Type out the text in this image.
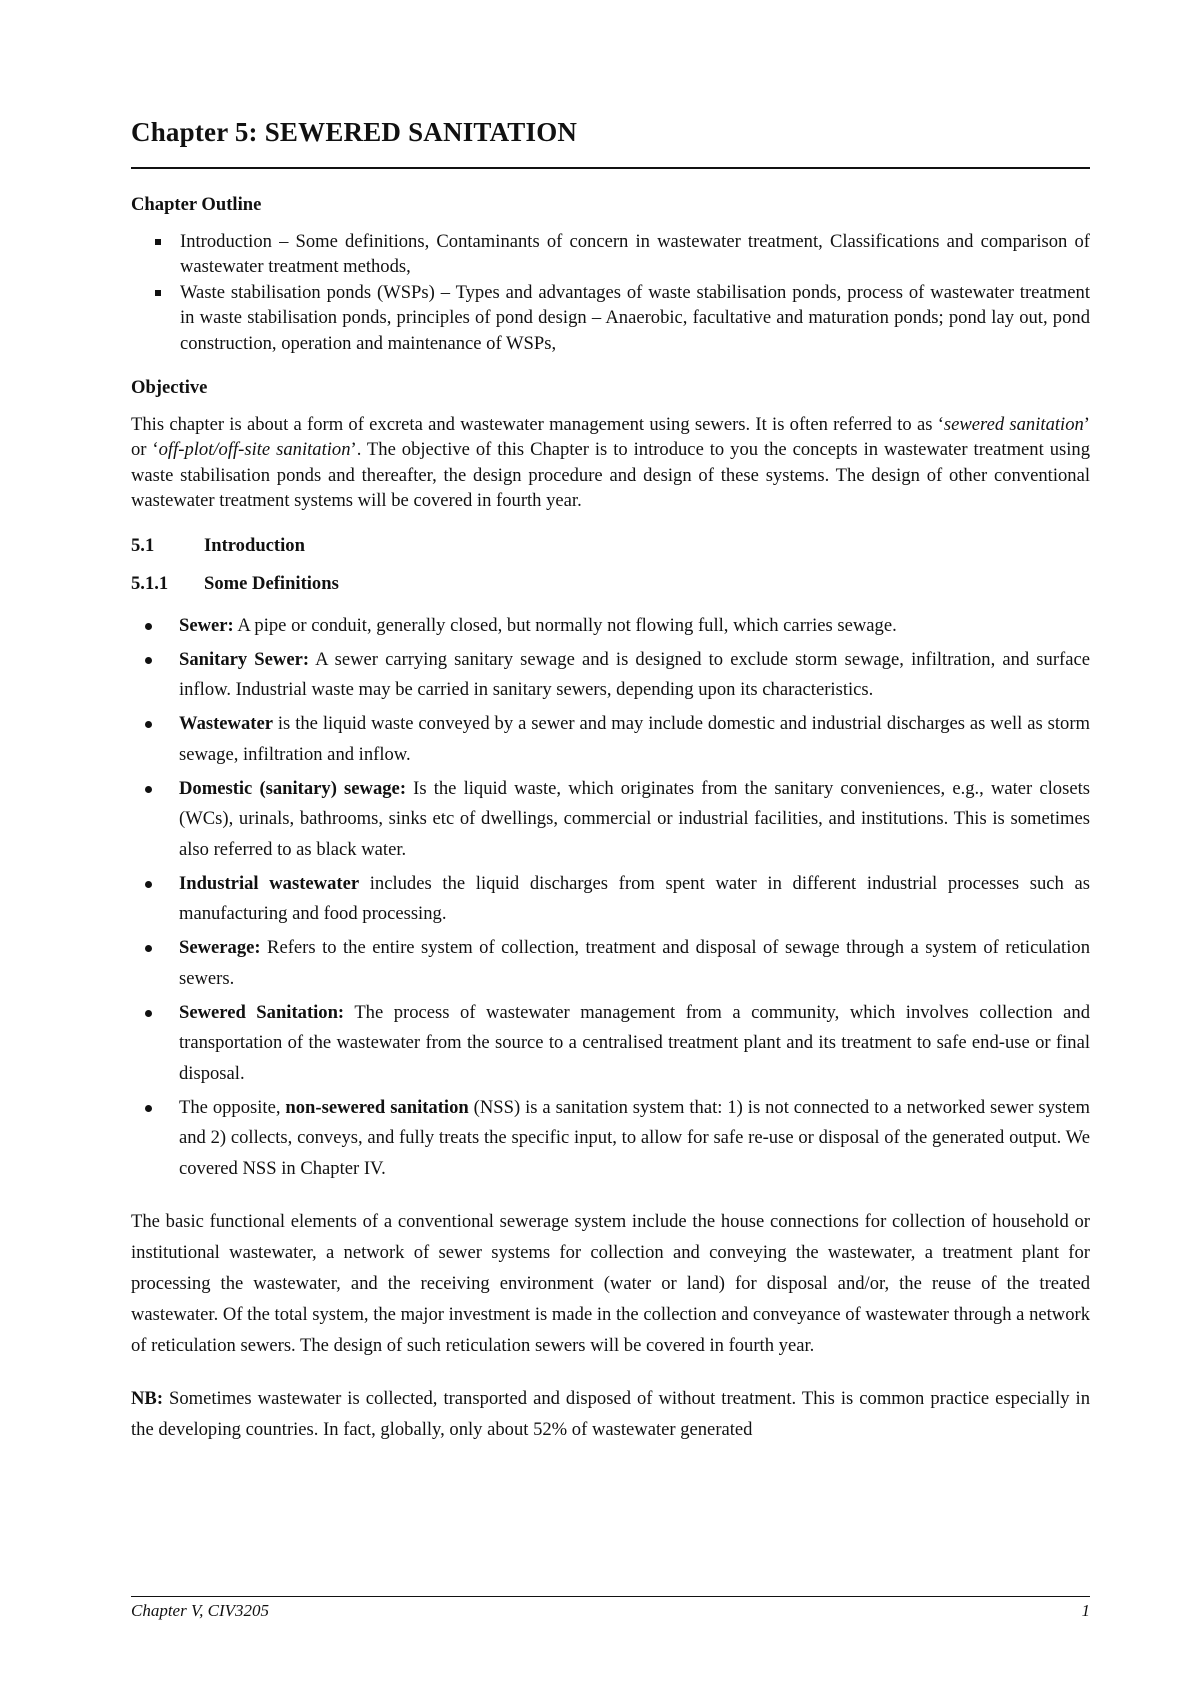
Chapter 5: SEWERED SANITATION

Chapter Outline

Introduction – Some definitions, Contaminants of concern in wastewater treatment, Classifications and comparison of wastewater treatment methods,
Waste stabilisation ponds (WSPs) – Types and advantages of waste stabilisation ponds, process of wastewater treatment in waste stabilisation ponds, principles of pond design – Anaerobic, facultative and maturation ponds; pond lay out, pond construction, operation and maintenance of WSPs,

Objective

This chapter is about a form of excreta and wastewater management using sewers. It is often referred to as ‘sewered sanitation’ or ‘off-plot/off-site sanitation’. The objective of this Chapter is to introduce to you the concepts in wastewater treatment using waste stabilisation ponds and thereafter, the design procedure and design of these systems. The design of other conventional wastewater treatment systems will be covered in fourth year.

5.1	Introduction
5.1.1	Some Definitions
Sewer: A pipe or conduit, generally closed, but normally not flowing full, which carries sewage.
Sanitary Sewer: A sewer carrying sanitary sewage and is designed to exclude storm sewage, infiltration, and surface inflow. Industrial waste may be carried in sanitary sewers, depending upon its characteristics.
Wastewater is the liquid waste conveyed by a sewer and may include domestic and industrial discharges as well as storm sewage, infiltration and inflow.
Domestic (sanitary) sewage: Is the liquid waste, which originates from the sanitary conveniences, e.g., water closets (WCs), urinals, bathrooms, sinks etc of dwellings, commercial or industrial facilities, and institutions. This is sometimes also referred to as black water.
Industrial wastewater includes the liquid discharges from spent water in different industrial processes such as manufacturing and food processing.
Sewerage: Refers to the entire system of collection, treatment and disposal of sewage through a system of reticulation sewers.
Sewered Sanitation: The process of wastewater management from a community, which involves collection and transportation of the wastewater from the source to a centralised treatment plant and its treatment to safe end-use or final disposal.
The opposite, non-sewered sanitation (NSS) is a sanitation system that: 1) is not connected to a networked sewer system and 2) collects, conveys, and fully treats the specific input, to allow for safe re-use or disposal of the generated output. We covered NSS in Chapter IV.

The basic functional elements of a conventional sewerage system include the house connections for collection of household or institutional wastewater, a network of sewer systems for collection and conveying the wastewater, a treatment plant for processing the wastewater, and the receiving environment (water or land) for disposal and/or, the reuse of the treated wastewater. Of the total system, the major investment is made in the collection and conveyance of wastewater through a network of reticulation sewers. The design of such reticulation sewers will be covered in fourth year.

NB: Sometimes wastewater is collected, transported and disposed of without treatment. This is common practice especially in the developing countries. In fact, globally, only about 52% of wastewater generated

Chapter V, CIV3205	1
